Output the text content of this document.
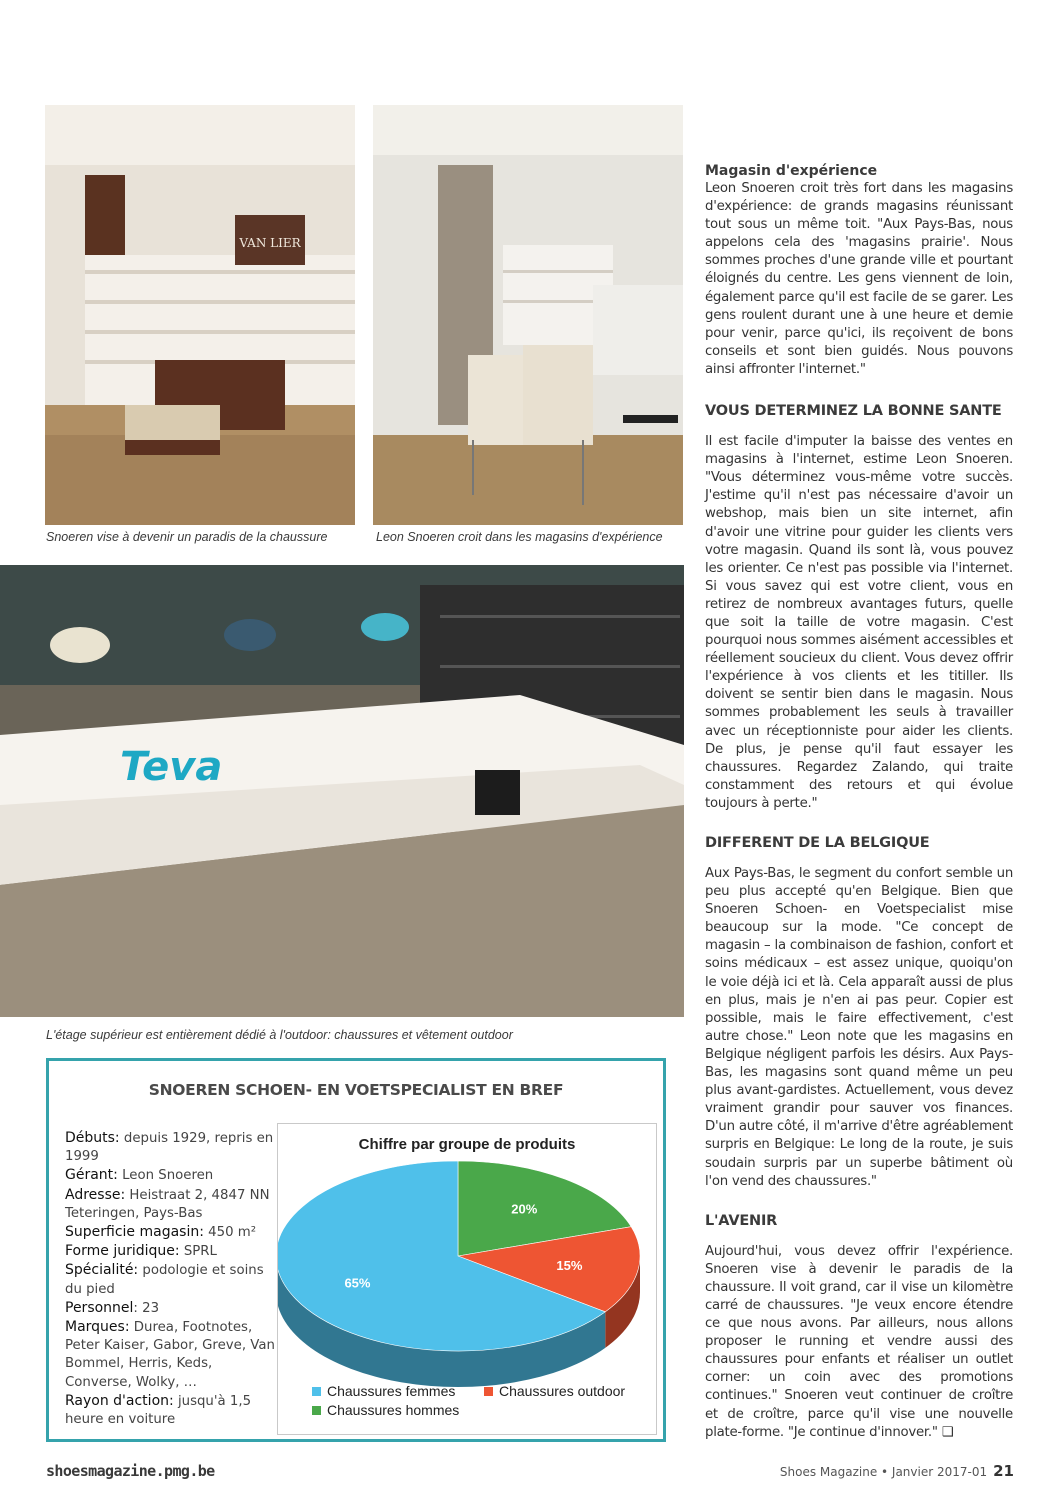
VAN LIER
Snoeren vise à devenir un paradis de la chaussure	Leon Snoeren croit dans les magasins d'expérience
Teva
L'étage supérieur est entièrement dédié à l'outdoor: chaussures et vêtement outdoor
Magasin d'expérience

Leon Snoeren croit très fort dans les magasins d'expérience: de grands magasins réunissant tout sous un même toit. "Aux Pays-Bas, nous appelons cela des 'magasins prairie'. Nous sommes proches d'une grande ville et pourtant éloignés du centre. Les gens viennent de loin, également parce qu'il est facile de se garer. Les gens roulent durant une à une heure et demie pour venir, parce qu'ici, ils reçoivent de bons conseils et sont bien guidés. Nous pouvons ainsi affronter l'internet."

VOUS DETERMINEZ LA BONNE SANTE

Il est facile d'imputer la baisse des ventes en magasins à l'internet, estime Leon Snoeren. "Vous déterminez vous-même votre succès. J'estime qu'il n'est pas nécessaire d'avoir un webshop, mais bien un site internet, afin d'avoir une vitrine pour guider les clients vers votre magasin. Quand ils sont là, vous pouvez les orienter. Ce n'est pas possible via l'internet. Si vous savez qui est votre client, vous en retirez de nombreux avantages futurs, quelle que soit la taille de votre magasin. C'est pourquoi nous sommes aisément accessibles et réellement soucieux du client. Vous devez offrir l'expérience à vos clients et les titiller. Ils doivent se sentir bien dans le magasin. Nous sommes probablement les seuls à travailler avec un réceptionniste pour aider les clients. De plus, je pense qu'il faut essayer les chaussures. Regardez Zalando, qui traite constamment des retours et qui évolue toujours à perte."

DIFFERENT DE LA BELGIQUE

Aux Pays-Bas, le segment du confort semble un peu plus accepté qu'en Belgique. Bien que Snoeren Schoen- en Voetspecialist mise beaucoup sur la mode. "Ce concept de magasin – la combinaison de fashion, confort et soins médicaux – est assez unique, quoiqu'on le voie déjà ici et là. Cela apparaît aussi de plus en plus, mais je n'en ai pas peur. Copier est possible, mais le faire effectivement, c'est autre chose." Leon note que les magasins en Belgique négligent parfois les désirs. Aux Pays-Bas, les magasins sont quand même un peu plus avant-gardistes. Actuellement, vous devez vraiment grandir pour sauver vos finances. D'un autre côté, il m'arrive d'être agréablement surpris en Belgique: Le long de la route, je suis soudain surpris par un superbe bâtiment où l'on vend des chaussures."

L'AVENIR

Aujourd'hui, vous devez offrir l'expérience. Snoeren vise à devenir le paradis de la chaussure. Il voit grand, car il vise un kilomètre carré de chaussures. "Je veux encore étendre ce que nous avons. Par ailleurs, nous allons proposer le running et vendre aussi des chaussures pour enfants et réaliser un outlet corner: un coin avec des promotions continues." Snoeren veut continuer de croître et de croître, parce qu'il vise une nouvelle plate-forme. "Je continue d'innover." ❑

SNOEREN SCHOEN- EN VOETSPECIALIST EN BREF
Débuts: depuis 1929, repris en 1999
Gérant: Leon Snoeren
Adresse: Heistraat 2, 4847 NN Teteringen, Pays-Bas
Superficie magasin: 450 m²
Forme juridique: SPRL
Spécialité: podologie et soins du pied
Personnel: 23
Marques: Durea, Footnotes, Peter Kaiser, Gabor, Greve, Van Bommel, Herris, Keds, Converse, Wolky, …
Rayon d'action: jusqu'à 1,5 heure en voiture
Chiffre par groupe de produits
20%
15%
65%
Chaussures femmes	Chaussures outdoor
Chaussures hommes
shoesmagazine.pmg.be	Shoes Magazine • Janvier 2017-01 21
